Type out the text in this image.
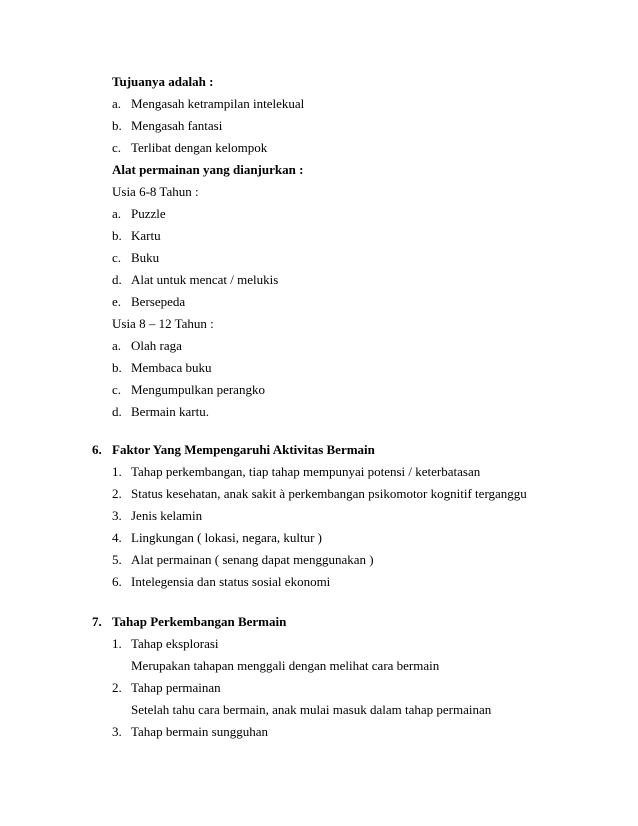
Tujuanya adalah :
a. Mengasah ketrampilan intelekual
b. Mengasah fantasi
c. Terlibat dengan kelompok
Alat permainan yang dianjurkan :
Usia 6-8 Tahun :
a. Puzzle
b. Kartu
c. Buku
d. Alat untuk mencat / melukis
e. Bersepeda
Usia 8 – 12 Tahun :
a. Olah raga
b. Membaca buku
c. Mengumpulkan perangko
d. Bermain kartu.
6. Faktor Yang Mempengaruhi Aktivitas Bermain
1. Tahap perkembangan, tiap tahap mempunyai potensi / keterbatasan
2. Status kesehatan, anak sakit à perkembangan psikomotor kognitif terganggu
3. Jenis kelamin
4. Lingkungan ( lokasi, negara, kultur )
5. Alat permainan ( senang dapat menggunakan )
6. Intelegensia dan status sosial ekonomi
7. Tahap Perkembangan Bermain
1. Tahap eksplorasi
Merupakan tahapan menggali dengan melihat cara bermain
2. Tahap permainan
Setelah tahu cara bermain, anak mulai masuk dalam tahap permainan
3. Tahap bermain sungguhan
